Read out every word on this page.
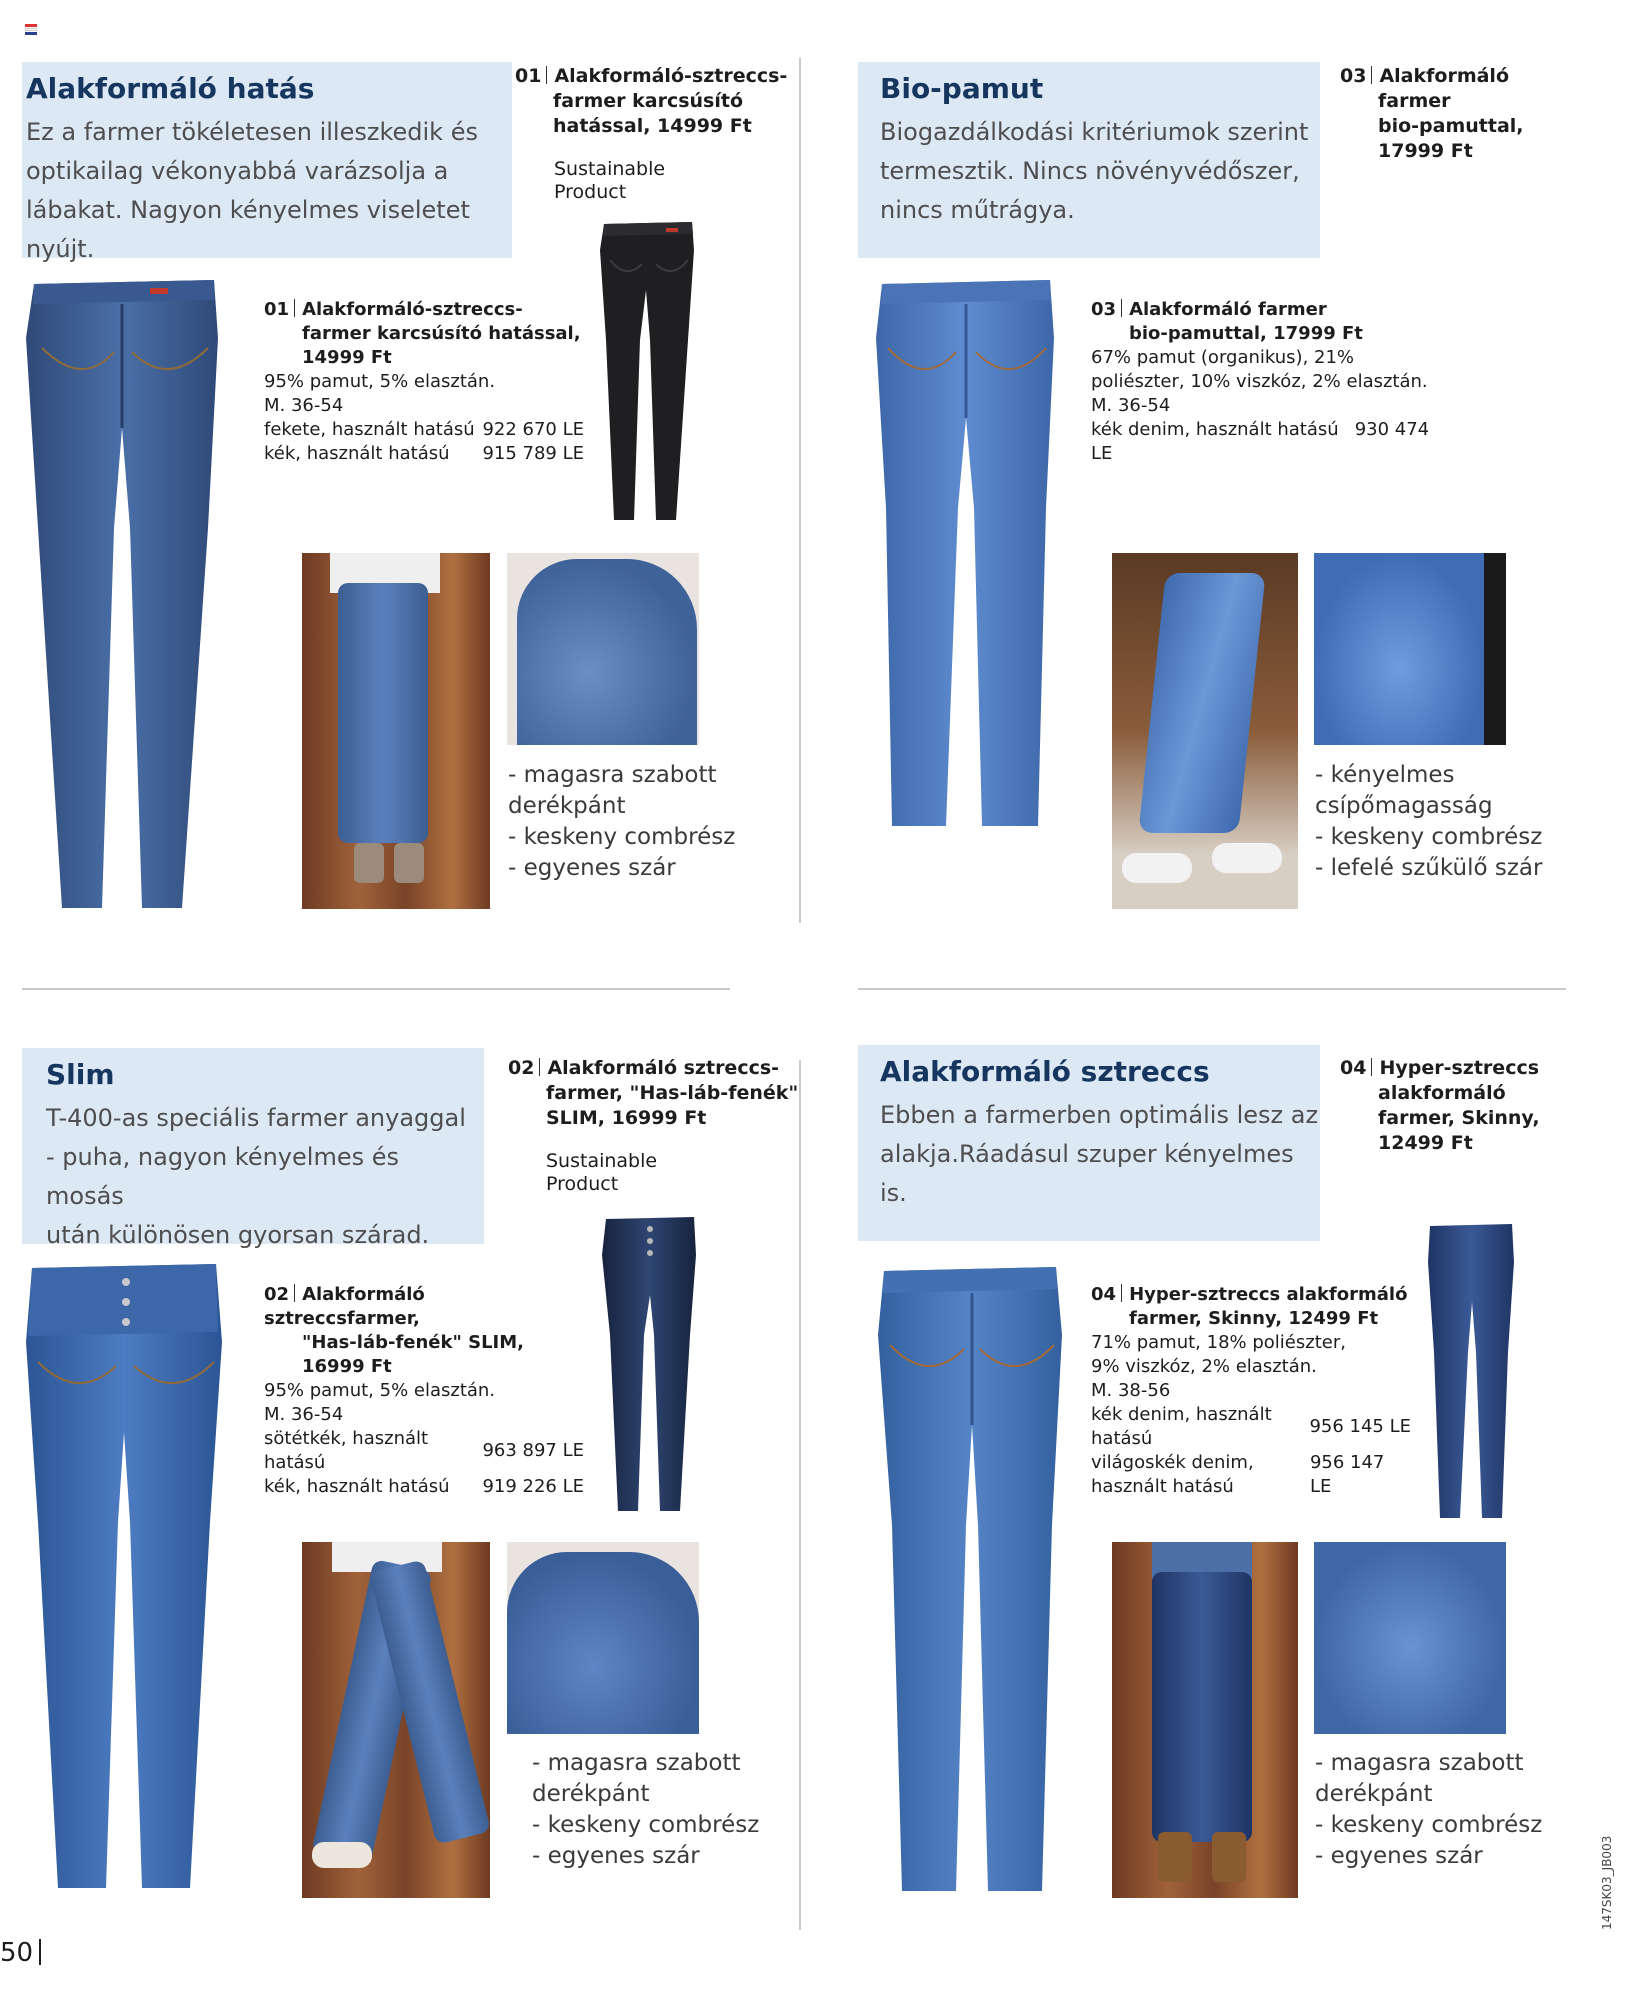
Alakformáló hatás

Ez a farmer tökéletesen illeszkedik és
optikailag vékonyabbá varázsolja a
lábakat. Nagyon kényelmes viseletet nyújt.

01 Alakformáló-sztreccs-
farmer karcsúsító
hatással, 14999 Ft
Sustainable
Product
01 Alakformáló-sztreccs-
farmer karcsúsító hatással,
14999 Ft
95% pamut, 5% elasztán.
M. 36-54
fekete, használt hatású 922 670 LE
kék, használt hatású 915 789 LE
- magasra szabott
derékpánt
- keskeny combrész
- egyenes szár
Bio-pamut

Biogazdálkodási kritériumok szerint
termesztik. Nincs növényvédőszer,
nincs műtrágya.

03 Alakformáló
farmer
bio-pamuttal,
17999 Ft
03 Alakformáló farmer
bio-pamuttal, 17999 Ft
67% pamut (organikus), 21%
poliészter, 10% viszkóz, 2% elasztán.
M. 36-54
kék denim, használt hatású 930 474 LE
- kényelmes
csípőmagasság
- keskeny combrész
- lefelé szűkülő szár
Slim

T-400-as speciális farmer anyaggal
- puha, nagyon kényelmes és mosás
után különösen gyorsan szárad.

02 Alakformáló sztreccs-
farmer, "Has-láb-fenék"
SLIM, 16999 Ft
Sustainable
Product
02 Alakformáló sztreccsfarmer,
"Has-láb-fenék" SLIM,
16999 Ft
95% pamut, 5% elasztán.
M. 36-54
sötétkék, használt hatású
963 897 LE
kék, használt hatású 919 226 LE
- magasra szabott
derékpánt
- keskeny combrész
- egyenes szár
Alakformáló sztreccs

Ebben a farmerben optimális lesz az
alakja.Ráadásul szuper kényelmes is.

04 Hyper-sztreccs
alakformáló
farmer, Skinny,
12499 Ft
04 Hyper-sztreccs alakformáló
farmer, Skinny, 12499 Ft
71% pamut, 18% poliészter,
9% viszkóz, 2% elasztán.
M. 38-56
kék denim, használt hatású
956 145 LE
világoskék denim, használt hatású
956 147 LE
- magasra szabott
derékpánt
- keskeny combrész
- egyenes szár
50
147SK03_JB003
